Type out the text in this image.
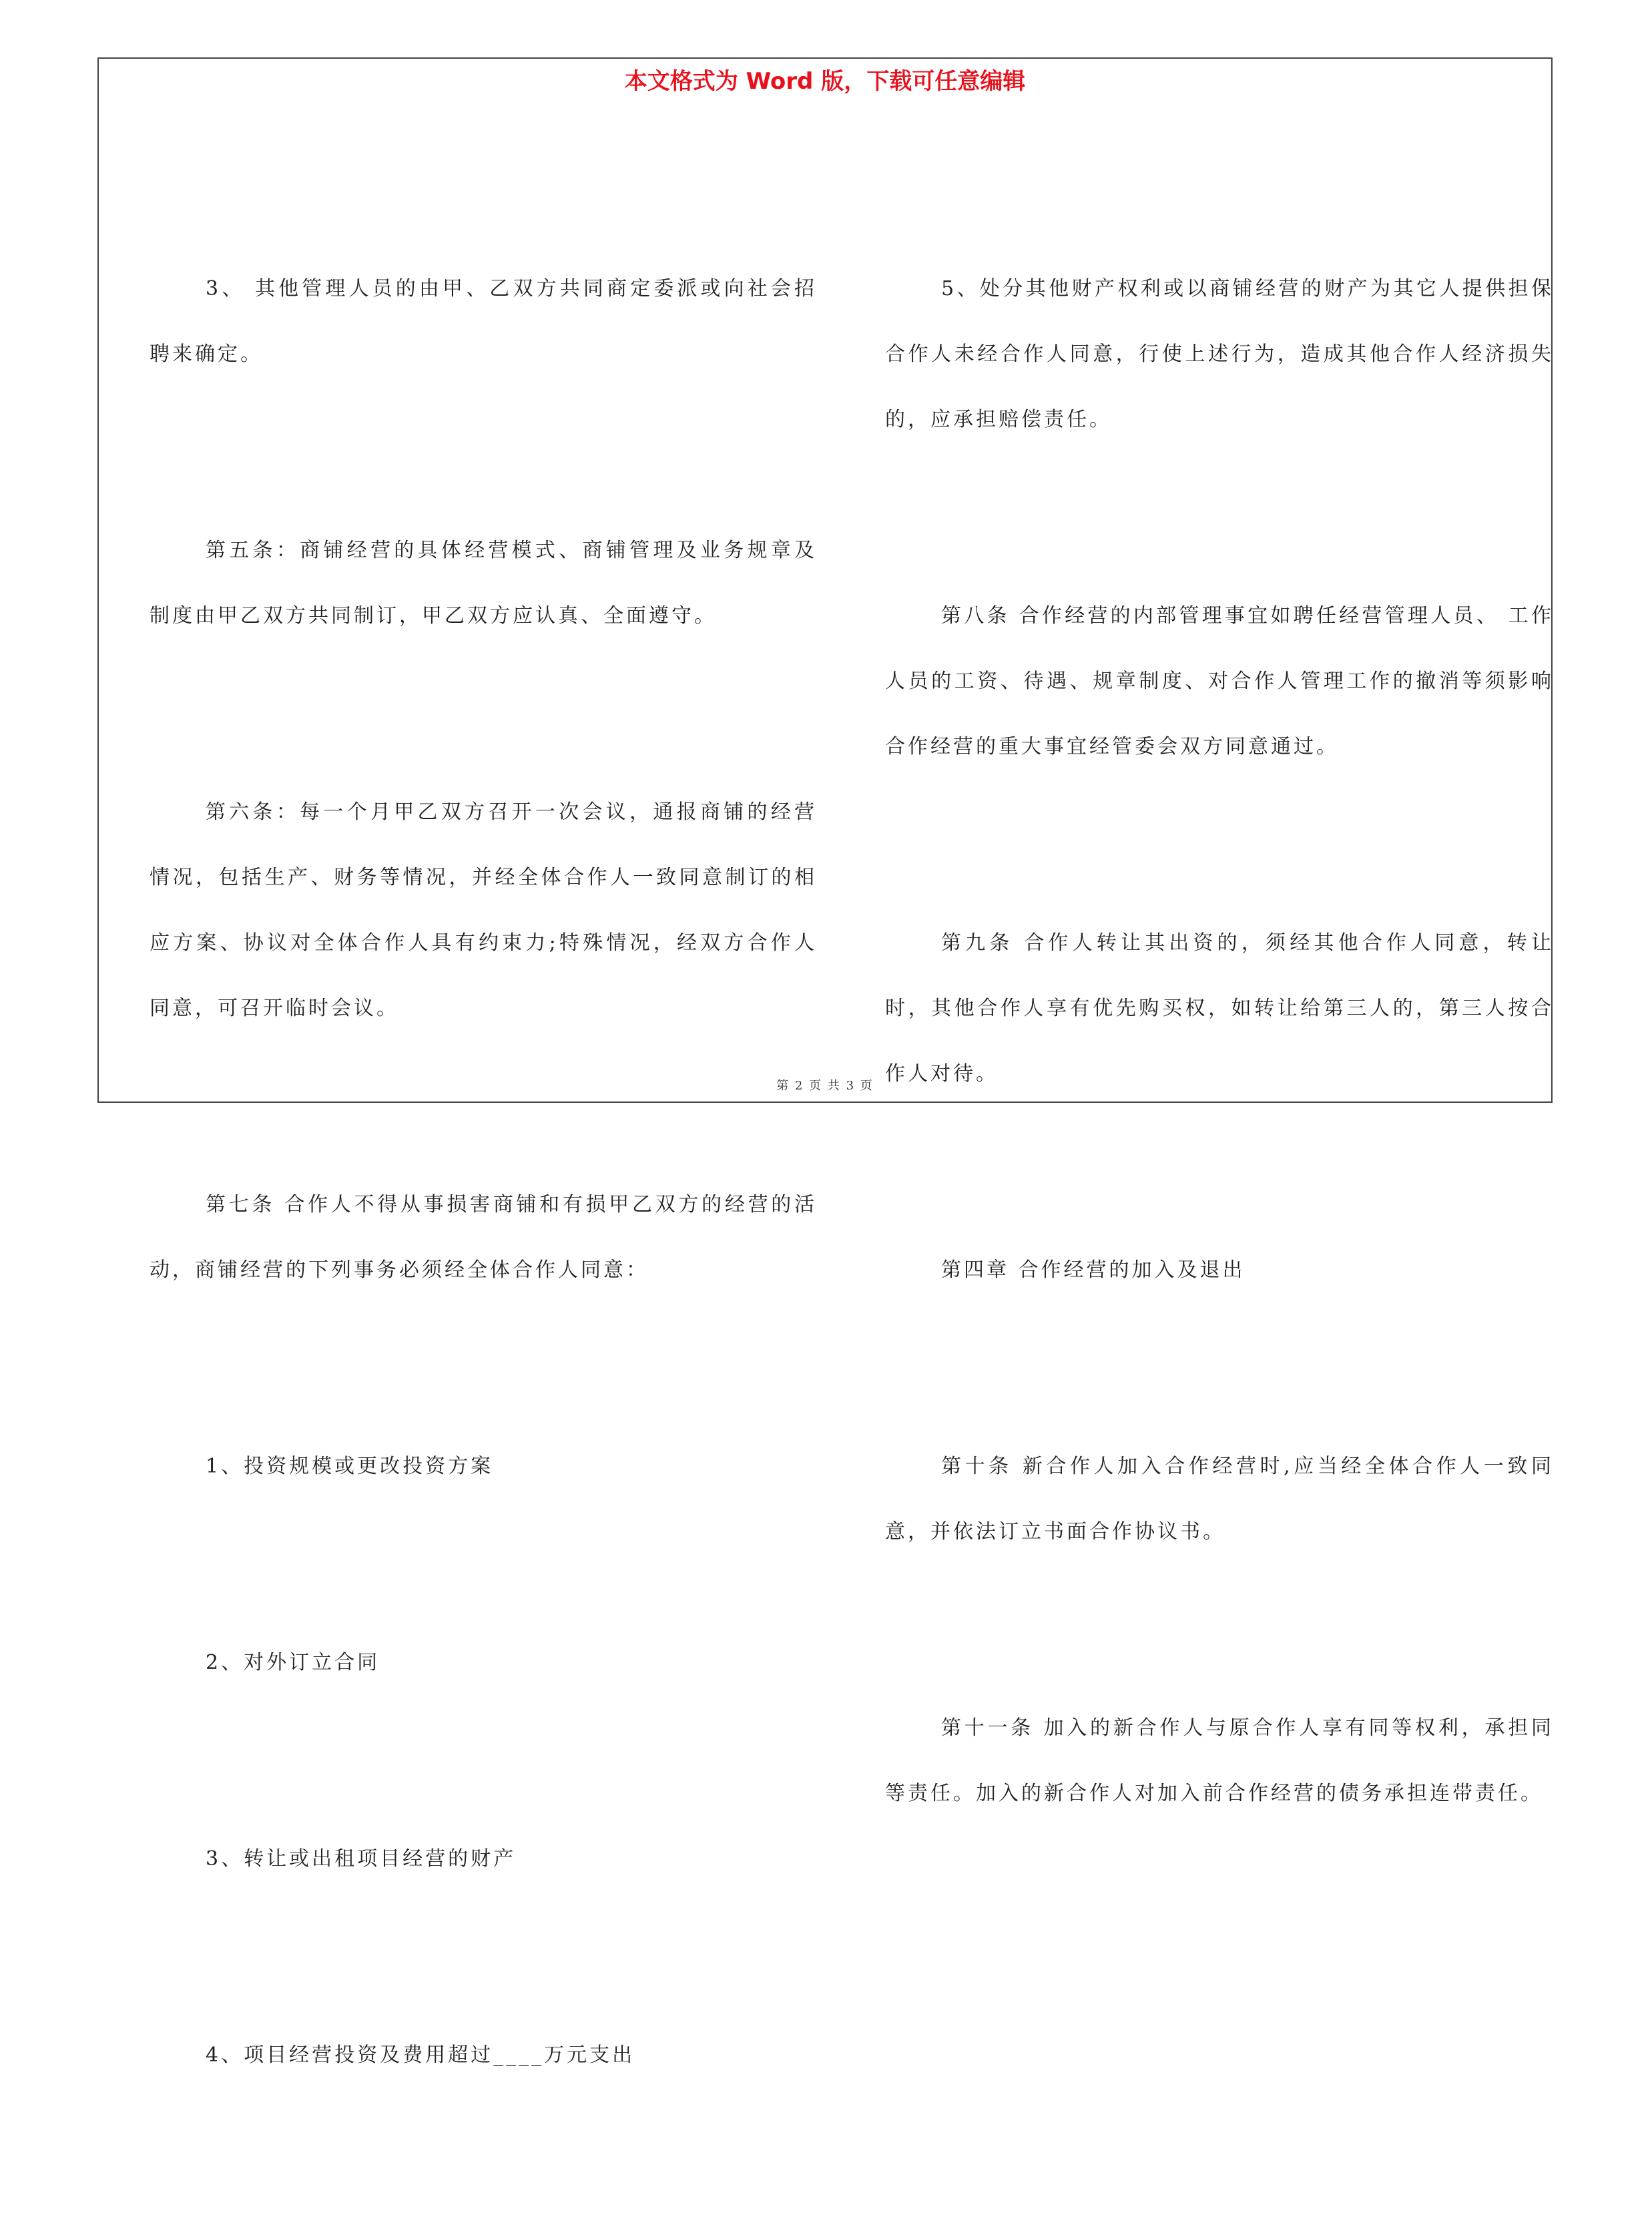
本文格式为 Word 版，下载可任意编辑

3、 其他管理人员的由甲、乙双方共同商定委派或向社会招聘来确定。

第五条：商铺经营的具体经营模式、商铺管理及业务规章及制度由甲乙双方共同制订，甲乙双方应认真、全面遵守。

第六条：每一个月甲乙双方召开一次会议，通报商铺的经营情况，包括生产、财务等情况，并经全体合作人一致同意制订的相应方案、协议对全体合作人具有约束力;特殊情况，经双方合作人同意，可召开临时会议。

第七条 合作人不得从事损害商铺和有损甲乙双方的经营的活动，商铺经营的下列事务必须经全体合作人同意：

1、投资规模或更改投资方案

2、对外订立合同

3、转让或出租项目经营的财产

4、项目经营投资及费用超过____万元支出

5、处分其他财产权利或以商铺经营的财产为其它人提供担保合作人未经合作人同意，行使上述行为，造成其他合作人经济损失的，应承担赔偿责任。

第八条 合作经营的内部管理事宜如聘任经营管理人员、 工作人员的工资、待遇、规章制度、对合作人管理工作的撤消等须影响合作经营的重大事宜经管委会双方同意通过。

第九条 合作人转让其出资的，须经其他合作人同意，转让时，其他合作人享有优先购买权，如转让给第三人的，第三人按合作人对待。

第四章 合作经营的加入及退出

第十条 新合作人加入合作经营时,应当经全体合作人一致同意，并依法订立书面合作协议书。

第十一条 加入的新合作人与原合作人享有同等权利，承担同等责任。加入的新合作人对加入前合作经营的债务承担连带责任。

第 2 页 共 3 页
